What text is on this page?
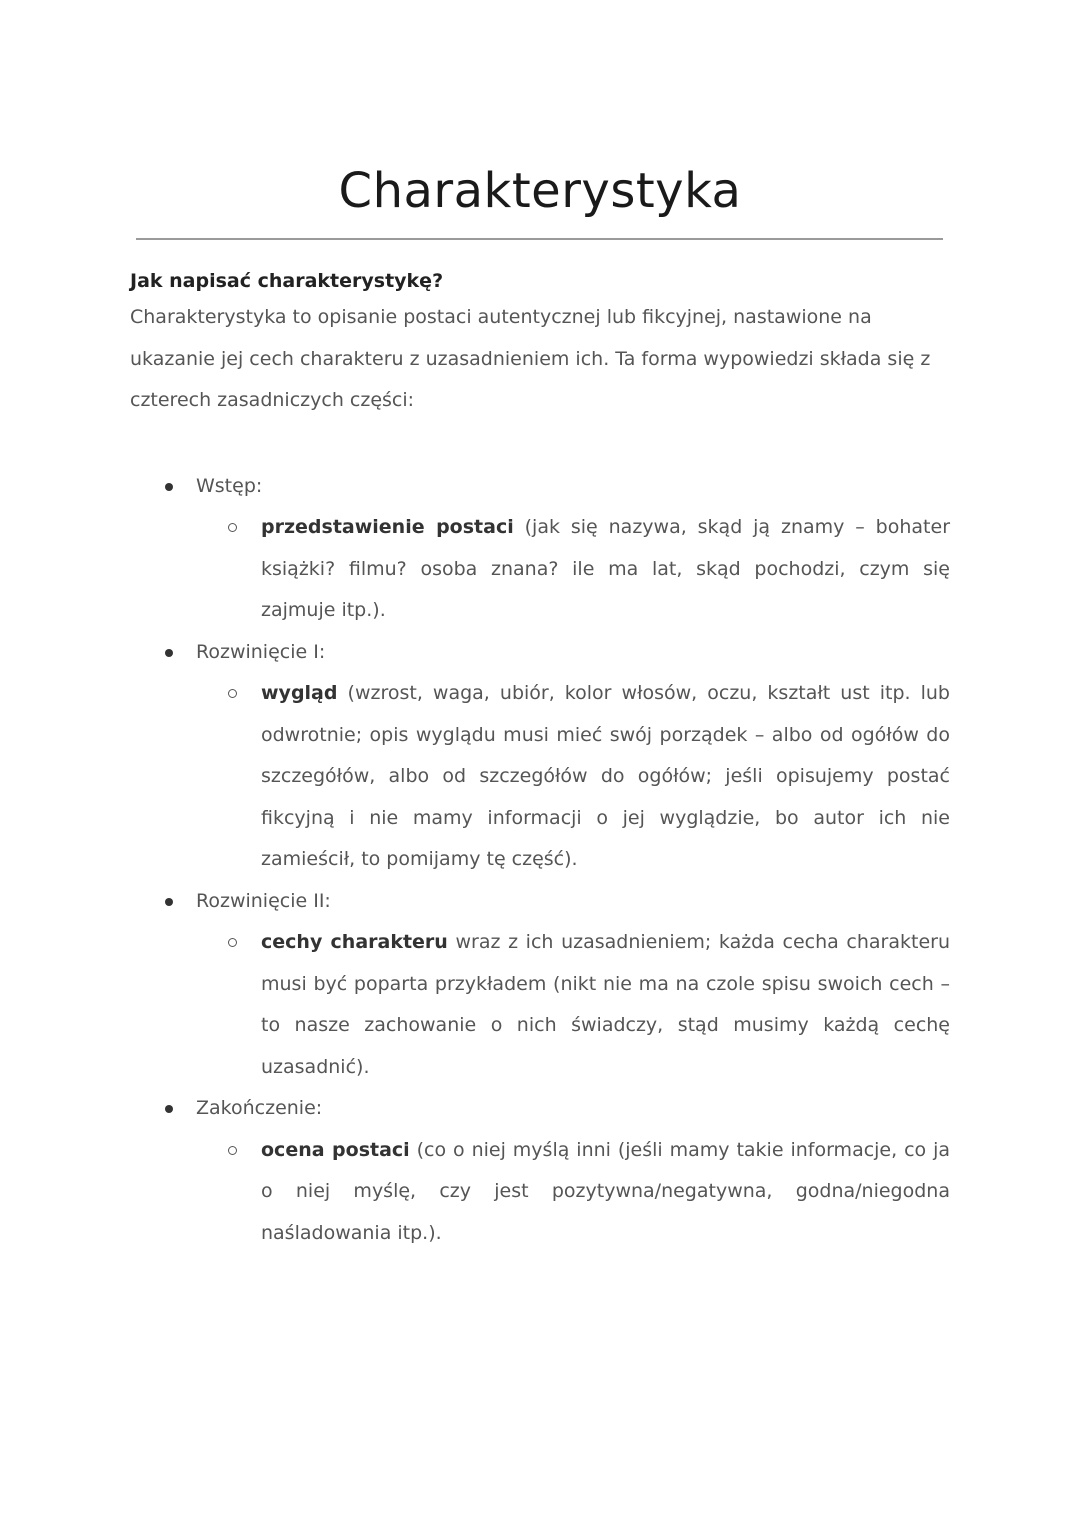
Charakterystyka

Jak napisać charakterystykę?

Charakterystyka to opisanie postaci autentycznej lub fikcyjnej, nastawione na ukazanie jej cech charakteru z uzasadnieniem ich. Ta forma wypowiedzi składa się z czterech zasadniczych części:

Wstęp:
przedstawienie postaci (jak się nazywa, skąd ją znamy – bohater książki? filmu? osoba znana? ile ma lat, skąd pochodzi, czym się zajmuje itp.).
Rozwinięcie I:
wygląd (wzrost, waga, ubiór, kolor włosów, oczu, kształt ust itp. lub odwrotnie; opis wyglądu musi mieć swój porządek – albo od ogółów do szczegółów, albo od szczegółów do ogółów; jeśli opisujemy postać fikcyjną i nie mamy informacji o jej wyglądzie, bo autor ich nie zamieścił, to pomijamy tę część).
Rozwinięcie II:
cechy charakteru wraz z ich uzasadnieniem; każda cecha charakteru musi być poparta przykładem (nikt nie ma na czole spisu swoich cech – to nasze zachowanie o nich świadczy, stąd musimy każdą cechę uzasadnić).
Zakończenie:
ocena postaci (co o niej myślą inni (jeśli mamy takie informacje, co ja o niej myślę, czy jest pozytywna/negatywna, godna/niegodna naśladowania itp.).
